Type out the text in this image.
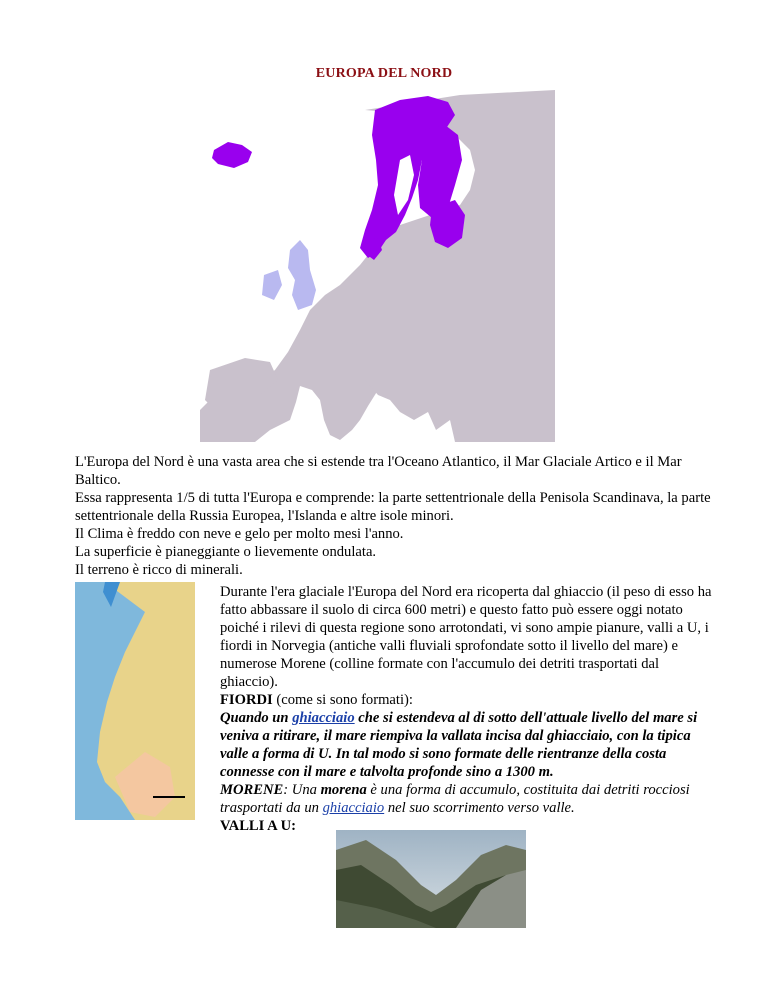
EUROPA DEL NORD

L'Europa del Nord è una vasta area che si estende tra l'Oceano Atlantico, il Mar Glaciale Artico e il Mar Baltico.

Essa rappresenta 1/5 di tutta l'Europa e comprende: la parte settentrionale della Penisola Scandinava, la parte settentrionale della Russia Europea, l'Islanda e altre isole minori.

Il Clima è freddo con neve e gelo per molto mesi l'anno.

La superficie è pianeggiante o lievemente ondulata.

Il terreno è ricco di minerali.

Durante l'era glaciale l'Europa del Nord era ricoperta dal ghiaccio (il peso di esso ha fatto abbassare il suolo di circa 600 metri) e questo fatto può essere oggi notato poiché i rilevi di questa regione sono arrotondati, vi sono ampie pianure, valli a U, i fiordi in Norvegia (antiche valli fluviali sprofondate sotto il livello del mare) e numerose Morene (colline formate con l'accumulo dei detriti trasportati dal ghiaccio).

FIORDI (come si sono formati):

Quando un ghiacciaio che si estendeva al di sotto dell'attuale livello del mare si veniva a ritirare, il mare riempiva la vallata incisa dal ghiacciaio, con la tipica valle a forma di U. In tal modo si sono formate delle rientranze della costa connesse con il mare e talvolta profonde sino a 1300 m.

MORENE: Una morena è una forma di accumulo, costituita dai detriti rocciosi trasportati da un ghiacciaio nel suo scorrimento verso valle.

VALLI A U:
